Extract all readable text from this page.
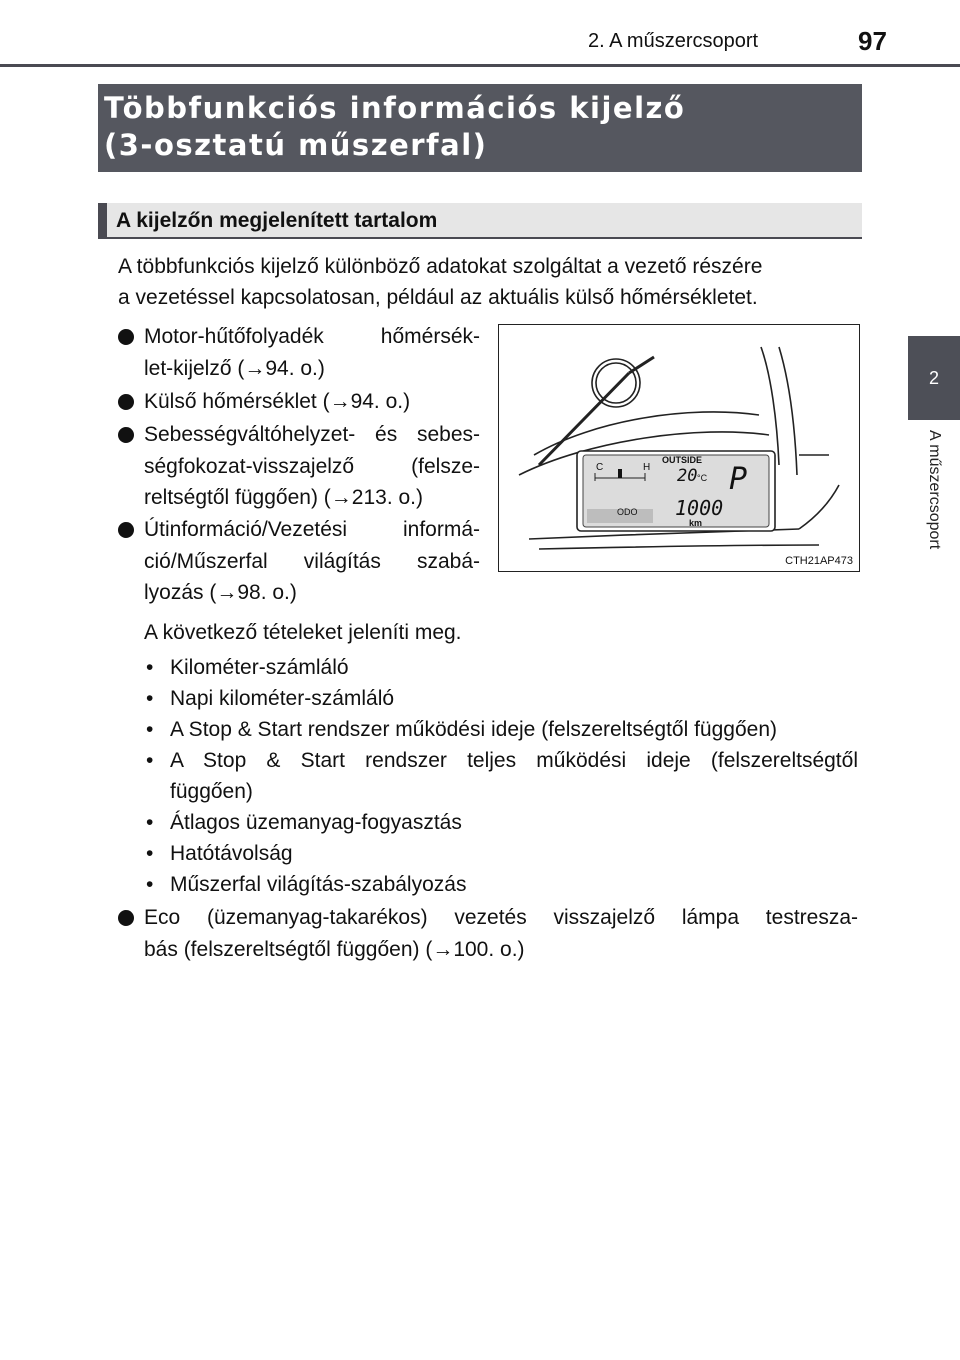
2. A műszercsoport	97
2
A műszercsoport
Többfunkciós információs kijelző
(3-osztatú műszerfal)
A kijelzőn megjelenített tartalom
A többfunkciós kijelző különböző adatokat szolgáltat a vezető részére
a vezetéssel kapcsolatosan, például az aktuális külső hőmérsékletet.
Motor-hűtőfolyadék hőmérsék-
let-kijelző (→94. o.)
Külső hőmérséklet (→94. o.)
Sebességváltóhelyzet- és sebes-
ségfokozat-visszajelző (felsze-
reltségtől függően) (→213. o.)
Útinformáció/Vezetési informá-
ció/Műszerfal világítás szabá-
lyozás (→98. o.)
C	H
OUTSIDE
20 °C P
ODO 1000
km
CTH21AP473
A következő tételeket jeleníti meg.
• Kilométer-számláló
• Napi kilométer-számláló
• A Stop & Start rendszer működési ideje (felszereltségtől függően)
• A Stop & Start rendszer teljes működési ideje (felszereltségtől
függően)
• Átlagos üzemanyag-fogyasztás
• Hatótávolság
• Műszerfal világítás-szabályozás
Eco (üzemanyag-takarékos) vezetés visszajelző lámpa testresza-
bás (felszereltségtől függően) (→100. o.)
